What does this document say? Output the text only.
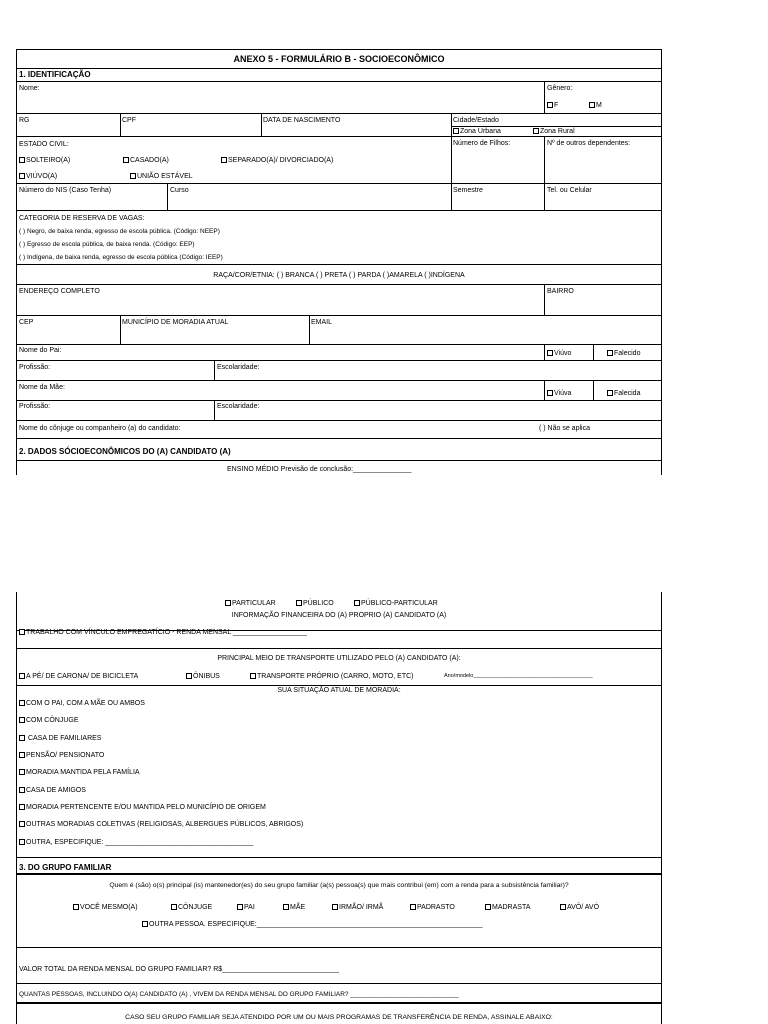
ANEXO 5 - FORMULÁRIO B - SOCIOECONÔMICO
1. IDENTIFICAÇÃO
Nome:	Gênero:
F	M
RG	CPF	DATA DE NASCIMENTO	Cidade/Estado
Zona Urbana	Zona Rural
ESTADO CIVIL:
SOLTEIRO(A)	CASADO(A)	SEPARADO(A)/ DIVORCIADO(A)
VIÚVO(A)	UNIÃO ESTÁVEL
Número de Filhos:	Nº de outros dependentes:
Número do NIS (Caso Tenha)	Curso	Semestre	Tel. ou Celular
CATEGORIA DE RESERVA DE VAGAS:
( ) Negro, de baixa renda, egresso de escola pública. (Código: NEEP)
( ) Egresso de escola pública, de baixa renda. (Código: EEP)
( ) Indígena, de baixa renda, egresso de escola pública (Código: IEEP)
RAÇA/COR/ETNIA: ( ) BRANCA ( ) PRETA ( ) PARDA ( )AMARELA ( )INDÍGENA
ENDEREÇO COMPLETO	BAIRRO
CEP	MUNICÍPIO DE MORADIA ATUAL	EMAIL
Nome do Pai:	Viúvo	Falecido
Profissão:	Escolaridade:
Nome da Mãe:
Viúva	Falecida
Profissão:	Escolaridade:
Nome do cônjuge ou companheiro (a) do candidato:	( ) Não se aplica
2. DADOS SÓCIOECONÔMICOS DO (A) CANDIDATO (A)
ENSINO MÉDIO Previsão de conclusão:_______________
PARTICULAR	PÚBLICO	PÚBLICO-PARTICULAR
INFORMAÇÃO FINANCEIRA DO (A) PROPRIO (A) CANDIDATO (A)
TRABALHO COM VÍNCULO EMPREGATÍCIO - RENDA MENSAL ___________________
PRINCIPAL MEIO DE TRANSPORTE UTILIZADO PELO (A) CANDIDATO (A):
A PÉ/ DE CARONA/ DE BICICLETA	ÔNIBUS	TRANSPORTE PRÓPRIO (CARRO, MOTO, ETC)	Ano/modelo_______________________________________
SUA SITUAÇÃO ATUAL DE MORADIA:
COM O PAI, COM A MÃE OU AMBOS
COM CÔNJUGE
CASA DE FAMILIARES
PENSÃO/ PENSIONATO
MORADIA MANTIDA PELA FAMÍLIA
CASA DE AMIGOS
MORADIA PERTENCENTE E/OU MANTIDA PELO MUNICÍPIO DE ORIGEM
OUTRAS MORADIAS COLETIVAS (RELIGIOSAS, ALBERGUES PÚBLICOS, ABRIGOS)
OUTRA, ESPECIFIQUE: ______________________________________
3. DO GRUPO FAMILIAR
Quem é (são) o(s) principal (is) mantenedor(es) do seu grupo familiar (a(s) pessoa(s) que mais contribui (em) com a renda para a subsistência familiar)?
VOCÊ MESMO(A)	CÔNJUGE	PAI	MÃE	IRMÃO/ IRMÃ	PADRASTO	MADRASTA	AVÔ/ AVÓ
OUTRA PESSOA. ESPECIFIQUE:__________________________________________________________
VALOR TOTAL DA RENDA MENSAL DO GRUPO FAMILIAR? R$______________________________
QUANTAS PESSOAS, INCLUINDO O(A) CANDIDATO (A) , VIVEM DA RENDA MENSAL DO GRUPO FAMILIAR? ______________________________
CASO SEU GRUPO FAMILIAR SEJA ATENDIDO POR UM OU MAIS PROGRAMAS DE TRANSFERÊNCIA DE RENDA, ASSINALE ABAIXO:
